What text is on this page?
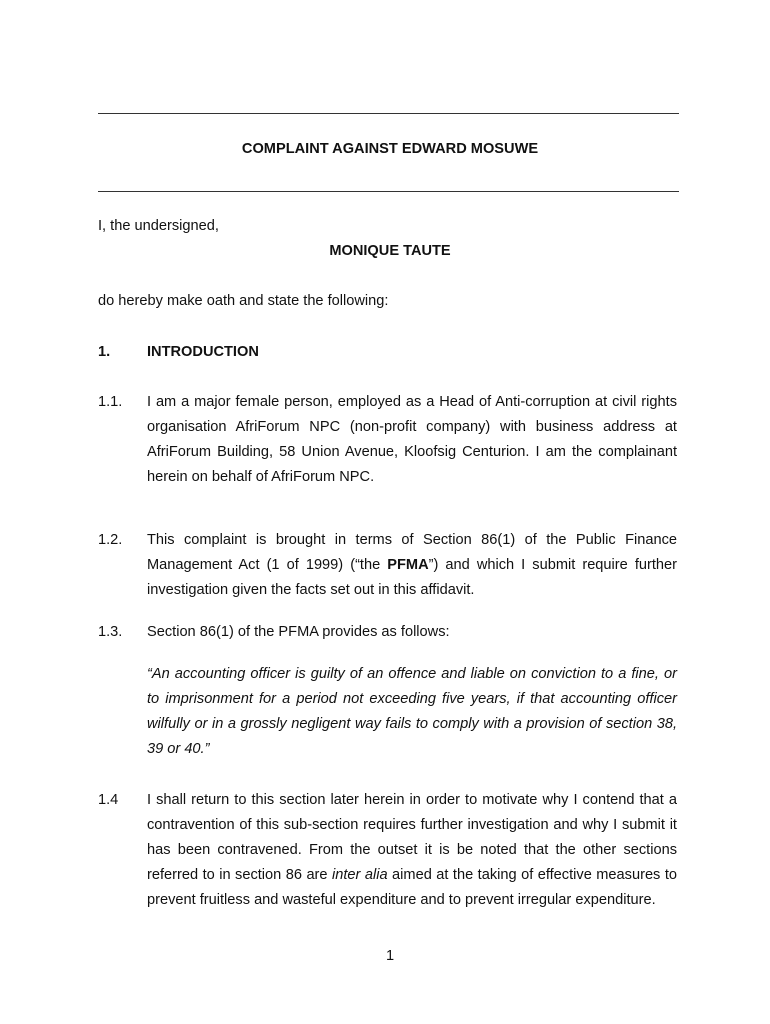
COMPLAINT AGAINST EDWARD MOSUWE
I, the undersigned,
MONIQUE TAUTE
do hereby make oath and state the following:
1.	INTRODUCTION
1.1. I am a major female person, employed as a Head of Anti-corruption at civil rights organisation AfriForum NPC (non-profit company) with business address at AfriForum Building, 58 Union Avenue, Kloofsig Centurion. I am the complainant herein on behalf of AfriForum NPC.
1.2. This complaint is brought in terms of Section 86(1) of the Public Finance Management Act (1 of 1999) (“the PFMA”) and which I submit require further investigation given the facts set out in this affidavit.
1.3. Section 86(1) of the PFMA provides as follows:
“An accounting officer is guilty of an offence and liable on conviction to a fine, or to imprisonment for a period not exceeding five years, if that accounting officer wilfully or in a grossly negligent way fails to comply with a provision of section 38, 39 or 40.”
1.4 I shall return to this section later herein in order to motivate why I contend that a contravention of this sub-section requires further investigation and why I submit it has been contravened. From the outset it is be noted that the other sections referred to in section 86 are inter alia aimed at the taking of effective measures to prevent fruitless and wasteful expenditure and to prevent irregular expenditure.
1
